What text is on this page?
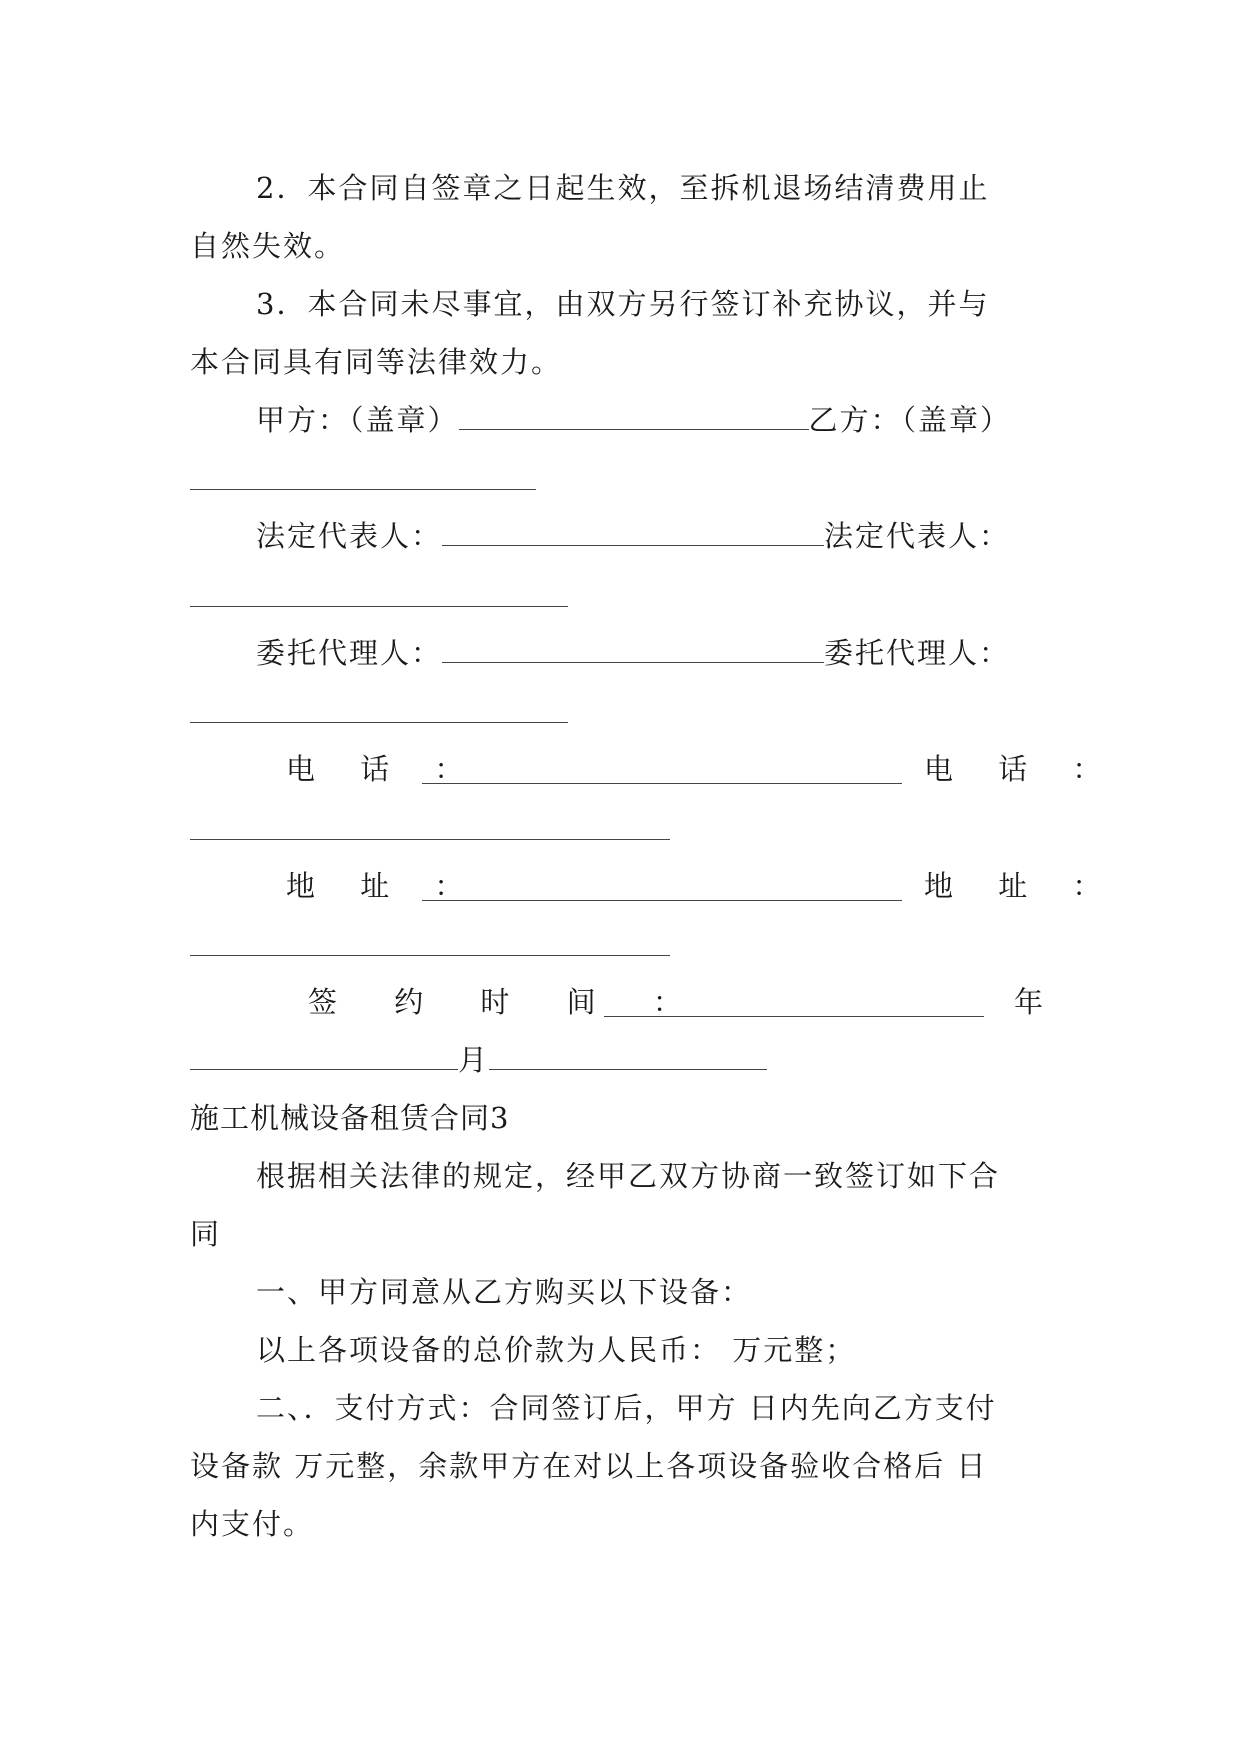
2．本合同自签章之日起生效，至拆机退场结清费用止
自然失效。
3．本合同未尽事宜，由双方另行签订补充协议，并与
本合同具有同等法律效力。
甲方：（盖章）	乙方：（盖章）
法定代表人：	法定代表人：
委托代理人：	委托代理人：
电 话 ：	电 话 ：
地 址 ：	地 址 ：
签 约 时 间 ：	年
月
施工机械设备租赁合同3
根据相关法律的规定，经甲乙双方协商一致签订如下合
同
一、甲方同意从乙方购买以下设备：
以上各项设备的总价款为人民币： 万元整；
二、．支付方式：合同签订后，甲方 日内先向乙方支付
设备款 万元整，余款甲方在对以上各项设备验收合格后 日
内支付。
